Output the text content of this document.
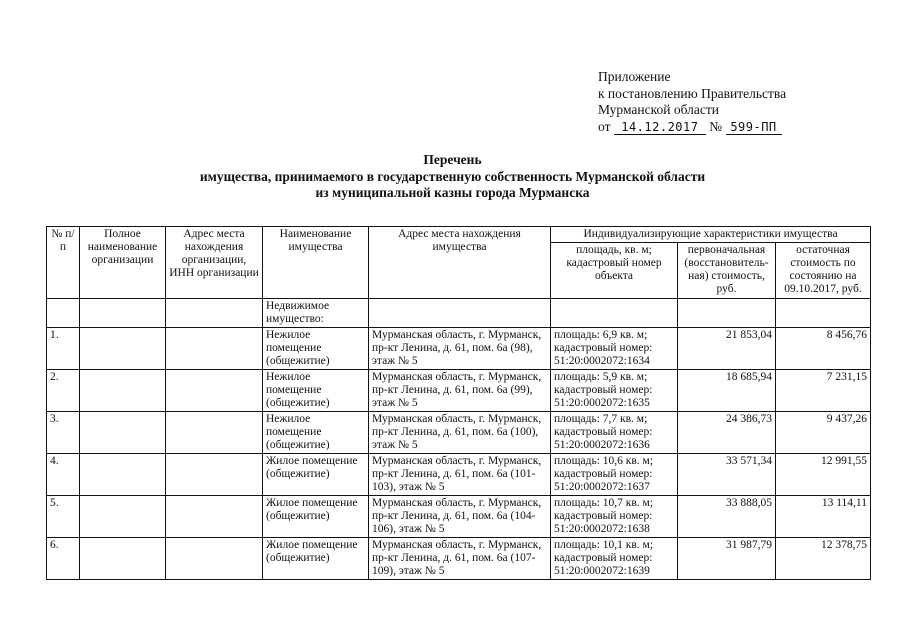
Приложение
к постановлению Правительства
Мурманской области
от 14.12.2017 № 599-ПП
Перечень
имущества, принимаемого в государственную собственность Мурманской области
из муниципальной казны города Мурманска
№ п/п	Полное наименование организации	Адрес места нахождения организации, ИНН организации	Наименование имущества	Адрес места нахождения имущества	Индивидуализирующие характеристики имущества		
					площадь, кв. м; кадастровый номер объекта	первоначальная (восстановитель-ная) стоимость, руб.	остаточная стоимость по состоянию на 09.10.2017, руб.
			Недвижимое имущество:				
1.			Нежилое помещение (общежитие)	Мурманская область, г. Мурманск, пр-кт Ленина, д. 61, пом. 6а (98), этаж № 5	площадь: 6,9 кв. м; кадастровый номер: 51:20:0002072:1634	21 853,04	8 456,76
2.			Нежилое помещение (общежитие)	Мурманская область, г. Мурманск, пр-кт Ленина, д. 61, пом. 6а (99), этаж № 5	площадь: 5,9 кв. м; кадастровый номер: 51:20:0002072:1635	18 685,94	7 231,15
3.			Нежилое помещение (общежитие)	Мурманская область, г. Мурманск, пр-кт Ленина, д. 61, пом. 6а (100), этаж № 5	площадь: 7,7 кв. м; кадастровый номер: 51:20:0002072:1636	24 386,73	9 437,26
4.			Жилое помещение (общежитие)	Мурманская область, г. Мурманск, пр-кт Ленина, д. 61, пом. 6а (101-103), этаж № 5	площадь: 10,6 кв. м; кадастровый номер: 51:20:0002072:1637	33 571,34	12 991,55
5.			Жилое помещение (общежитие)	Мурманская область, г. Мурманск, пр-кт Ленина, д. 61, пом. 6а (104-106), этаж № 5	площадь: 10,7 кв. м; кадастровый номер: 51:20:0002072:1638	33 888,05	13 114,11
6.			Жилое помещение (общежитие)	Мурманская область, г. Мурманск, пр-кт Ленина, д. 61, пом. 6а (107-109), этаж № 5	площадь: 10,1 кв. м; кадастровый номер: 51:20:0002072:1639	31 987,79	12 378,75
